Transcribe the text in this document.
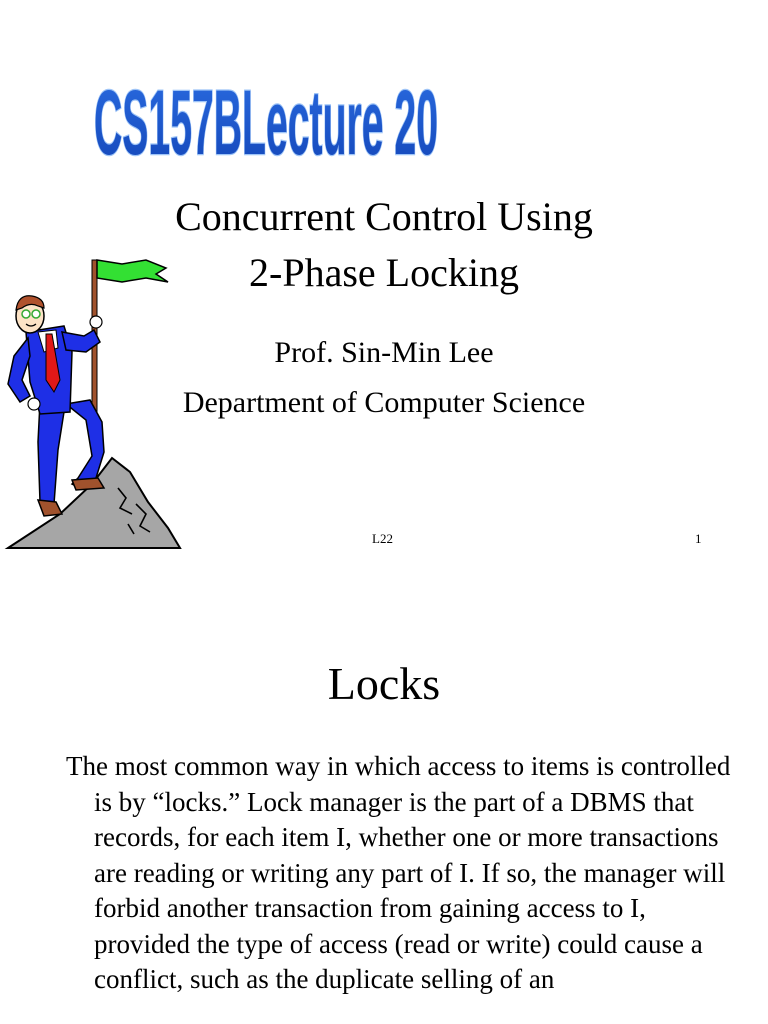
CS157BLecture 20
Concurrent Control Using
2-Phase Locking
Prof. Sin-Min Lee
Department of Computer Science
L22	1
Locks

The most common way in which access to items is controlled is by “locks.” Lock manager is the part of a DBMS that records, for each item I, whether one or more transactions are reading or writing any part of I. If so, the manager will forbid another transaction from gaining access to I, provided the type of access (read or write) could cause a conflict, such as the duplicate selling of an
